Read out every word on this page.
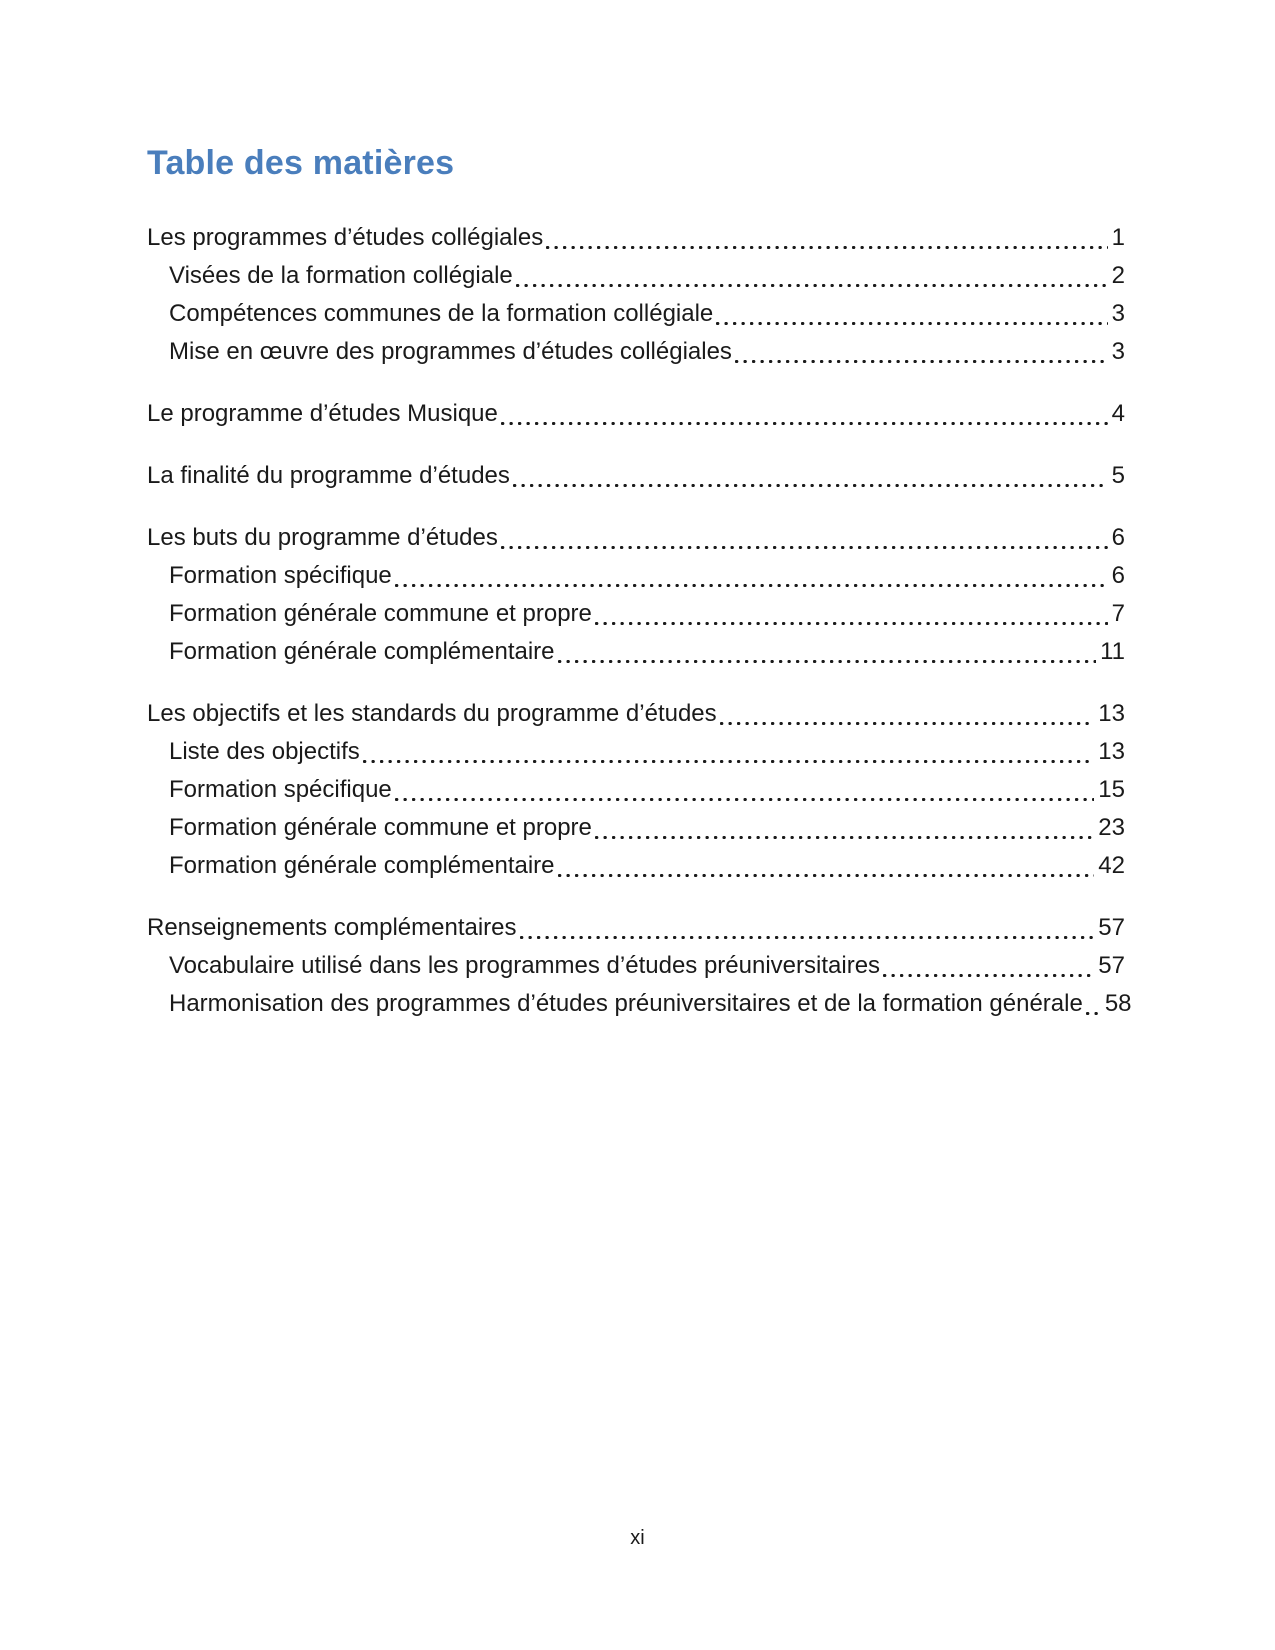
Table des matières
Les programmes d’études collégiales	1
Visées de la formation collégiale	2
Compétences communes de la formation collégiale	3
Mise en œuvre des programmes d’études collégiales	3
Le programme d’études Musique	4
La finalité du programme d’études	5
Les buts du programme d’études	6
Formation spécifique	6
Formation générale commune et propre	7
Formation générale complémentaire	11
Les objectifs et les standards du programme d’études	13
Liste des objectifs	13
Formation spécifique	15
Formation générale commune et propre	23
Formation générale complémentaire	42
Renseignements complémentaires	57
Vocabulaire utilisé dans les programmes d’études préuniversitaires	57
Harmonisation des programmes d’études préuniversitaires et de la formation générale 58
xi
